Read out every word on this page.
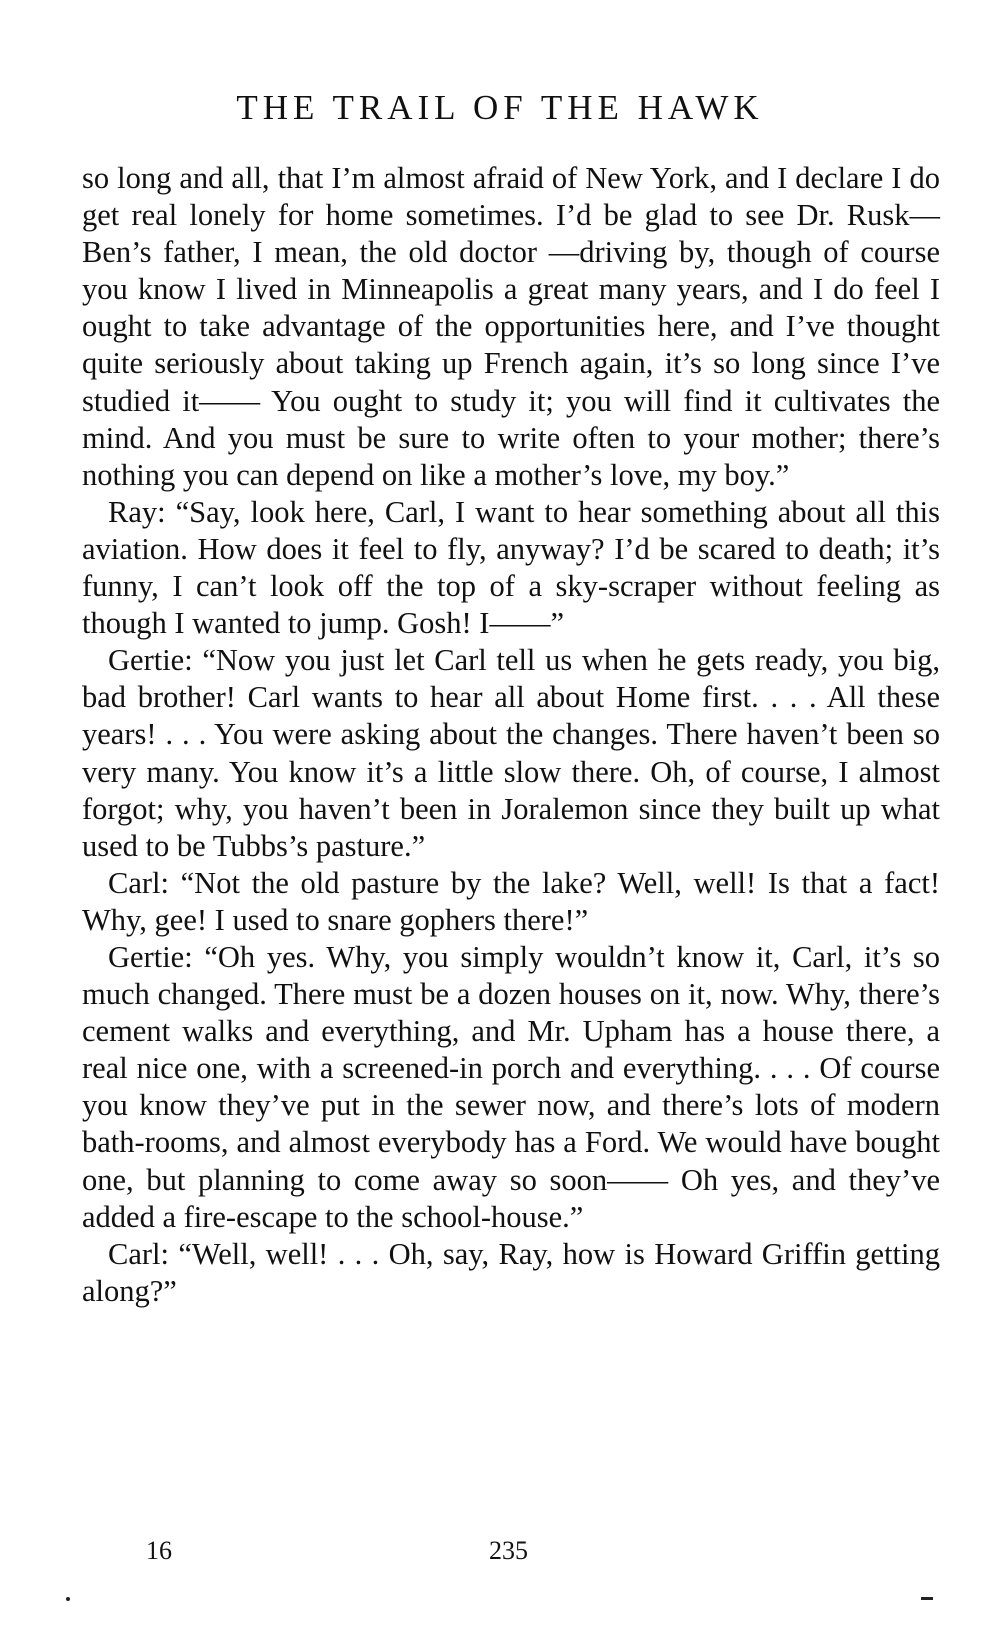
THE TRAIL OF THE HAWK

so long and all, that I’m almost afraid of New York, and I declare I do get real lonely for home sometimes. I’d be glad to see Dr. Rusk—Ben’s father, I mean, the old doctor —driving by, though of course you know I lived in Minneapolis a great many years, and I do feel I ought to take advantage of the opportunities here, and I’ve thought quite seriously about taking up French again, it’s so long since I’ve studied it—— You ought to study it; you will find it cultivates the mind. And you must be sure to write often to your mother; there’s nothing you can depend on like a mother’s love, my boy.”

Ray: “Say, look here, Carl, I want to hear something about all this aviation. How does it feel to fly, anyway? I’d be scared to death; it’s funny, I can’t look off the top of a sky-scraper without feeling as though I wanted to jump. Gosh! I——”

Gertie: “Now you just let Carl tell us when he gets ready, you big, bad brother! Carl wants to hear all about Home first. . . . All these years! . . . You were asking about the changes. There haven’t been so very many. You know it’s a little slow there. Oh, of course, I almost forgot; why, you haven’t been in Joralemon since they built up what used to be Tubbs’s pasture.”

Carl: “Not the old pasture by the lake? Well, well! Is that a fact! Why, gee! I used to snare gophers there!”

Gertie: “Oh yes. Why, you simply wouldn’t know it, Carl, it’s so much changed. There must be a dozen houses on it, now. Why, there’s cement walks and everything, and Mr. Upham has a house there, a real nice one, with a screened-in porch and everything. . . . Of course you know they’ve put in the sewer now, and there’s lots of modern bath-rooms, and almost everybody has a Ford. We would have bought one, but planning to come away so soon—— Oh yes, and they’ve added a fire-escape to the school-house.”

Carl: “Well, well! . . . Oh, say, Ray, how is Howard Griffin getting along?”

16	235
